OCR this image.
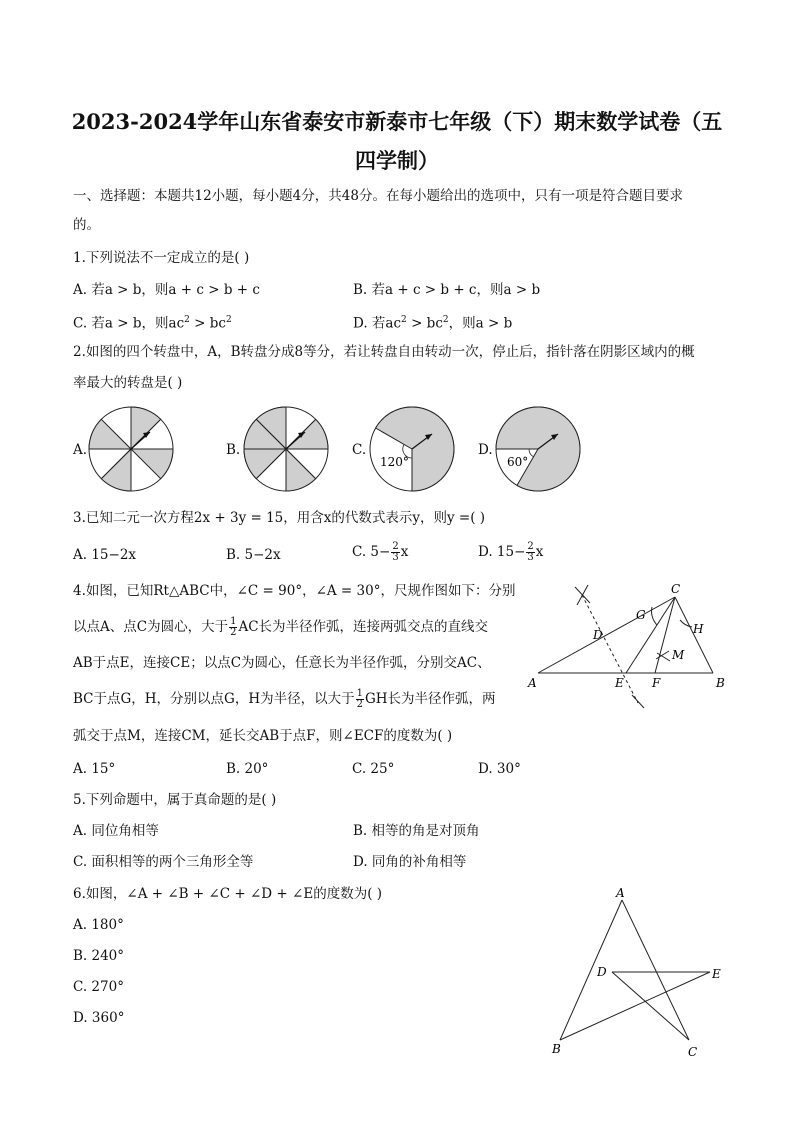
2023-2024学年山东省泰安市新泰市七年级（下）期末数学试卷（五
四学制）
一、选择题：本题共12小题，每小题4分，共48分。在每小题给出的选项中，只有一项是符合题目要求
的。
1.下列说法不一定成立的是( )
A. 若a > b，则a + c > b + c	B. 若a + c > b + c，则a > b
C. 若a > b，则$ac^2 > bc^2$	D. 若$ac^2 > bc^2$，则a > b
2.如图的四个转盘中，A，B转盘分成8等分，若让转盘自由转动一次，停止后，指针落在阴影区域内的概
率最大的转盘是( )
A.	B.	C.	D.
120°	60°
3.已知二元一次方程2x + 3y = 15，用含x的代数式表示y，则y =( )
A. 15−2x	B. 5−2x	C. $5- \frac{2}{3}$ x	D. $15- \frac{2}{3}$ x
4.如图，已知Rt△ABC中，∠C = 90°，∠A = 30°，尺规作图如下：分别
以点A、点C为圆心，大于 $\frac{1}{2}$ AC长为半径作弧，连接两弧交点的直线交
AB于点E，连接CE；以点C为圆心，任意长为半径作弧，分别交AC、
BC于点G，H，分别以点G，H为半径，以大于 $\frac{1}{2}$ GH长为半径作弧，两
弧交于点M，连接CM，延长交AB于点F，则∠ECF的度数为( )
A. 15°	B. 20°	C. 25°	D. 30°
A	B
C
D
E F
G
H
M
5.下列命题中，属于真命题的是( )
A. 同位角相等	B. 相等的角是对顶角
C. 面积相等的两个三角形全等	D. 同角的补角相等
6.如图，∠A + ∠B + ∠C + ∠D + ∠E的度数为( )
A. 180°
B. 240°
C. 270°
D. 360°
A
B	C
D	E
